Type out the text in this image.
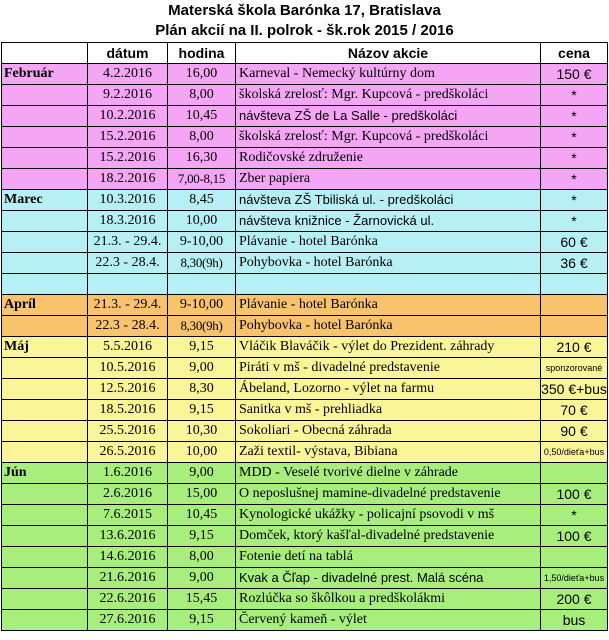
Materská škola Barónka 17, Bratislava
Plán akcií na II. polrok - šk.rok 2015 / 2016
	dátum	hodina	Názov akcie	cena
Február	4.2.2016	16,00	Karneval - Nemecký kultúrny dom	150 €
	9.2.2016	8,00	školská zrelosť: Mgr. Kupcová - predškoláci	*
	10.2.2016	10,45	návšteva ZŠ de La Salle - predškoláci	*
	15.2.2016	8,00	školská zrelosť: Mgr. Kupcová - predškoláci	*
	15.2.2016	16,30	Rodičovské združenie	*
	18.2.2016	7,00-8,15	Zber papiera	*
Marec	10.3.2016	8,45	návšteva ZŠ Tbiliská ul. - predškoláci	*
	18.3.2016	10,00	návšteva knižnice - Žarnovická ul.	*
	21.3. - 29.4.	9-10,00	Plávanie - hotel Barónka	60 €
	22.3 - 28.4.	8,30(9h)	Pohybovka - hotel Barónka	36 €

Apríl	21.3. - 29.4.	9-10,00	Plávanie - hotel Barónka	
	22.3 - 28.4.	8,30(9h)	Pohybovka - hotel Barónka	
Máj	5.5.2016	9,15	Vláčik Blaváčik - výlet do Prezident. záhrady	210 €
	10.5.2016	9,00	Piráti v mš - divadelné predstavenie	sponzorované
	12.5.2016	8,30	Ábeland, Lozorno - výlet na farmu	350 €+bus
	18.5.2016	9,15	Sanitka v mš - prehliadka	70 €
	25.5.2016	10,30	Sokoliari - Obecná záhrada	90 €
	26.5.2016	10,00	Zaži textil- výstava, Bibiana	0,50/dieťa+bus
Jún	1.6.2016	9,00	MDD - Veselé tvorivé dielne v záhrade	
	2.6.2016	15,00	O neposlušnej mamine-divadelné predstavenie	100 €
	7.6.2015	10,45	Kynologické ukážky - policajní psovodi v mš	*
	13.6.2016	9,15	Domček, ktorý kašľal-divadelné predstavenie	100 €
	14.6.2016	8,00	Fotenie detí na tablá	
	21.6.2016	9,00	Kvak a Čľap - divadelné prest. Malá scéna	1,50/dieťa+bus
	22.6.2016	15,45	Rozlúčka so škôlkou a predškolákmi	200 €
	27.6.2016	9,15	Červený kameň - výlet	bus
